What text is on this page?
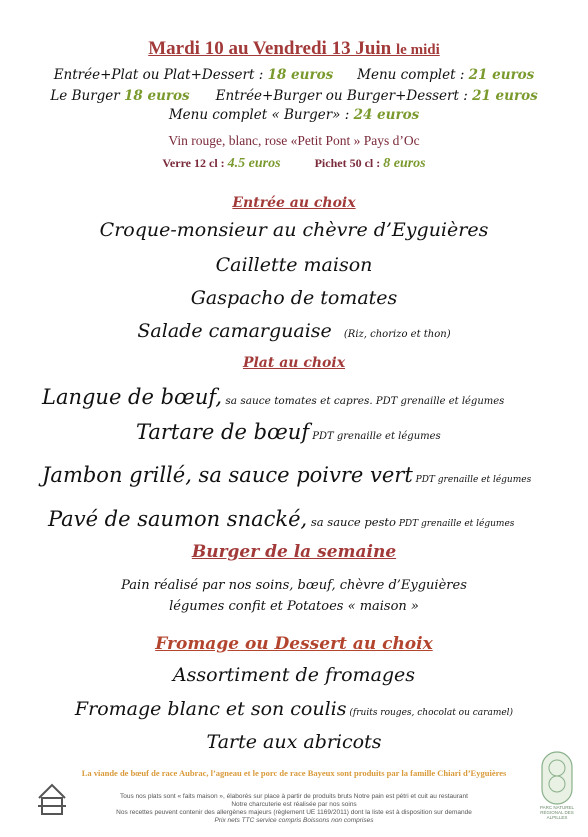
Mardi 10 au Vendredi 13 Juin le midi
Entrée+Plat ou Plat+Dessert : 18 euros Menu complet : 21 euros
Le Burger 18 euros Entrée+Burger ou Burger+Dessert : 21 euros
Menu complet « Burger» : 24 euros
Vin rouge, blanc, rose «Petit Pont » Pays d’Oc
Verre 12 cl : 4.5 euros	Pichet 50 cl : 8 euros
Entrée au choix
Croque-monsieur au chèvre d’Eyguières
Caillette maison
Gaspacho de tomates
Salade camarguaise (Riz, chorizo et thon)
Plat au choix
Langue de bœuf, sa sauce tomates et capres. PDT grenaille et légumes
Tartare de bœuf PDT grenaille et légumes
Jambon grillé, sa sauce poivre vert PDT grenaille et légumes
Pavé de saumon snacké, sa sauce pesto PDT grenaille et légumes
Burger de la semaine
Pain réalisé par nos soins, bœuf, chèvre d’Eyguières
légumes confit et Potatoes « maison »
Fromage ou Dessert au choix
Assortiment de fromages
Fromage blanc et son coulis (fruits rouges, chocolat ou caramel)
Tarte aux abricots
La viande de bœuf de race Aubrac, l’agneau et le porc de race Bayeux sont produits par la famille Chiari d’Eyguières
Tous nos plats sont « faits maison », élaborés sur place à partir de produits bruts Notre pain est pétri et cuit au restaurant
Notre charcuterie est réalisée par nos soins
Nos recettes peuvent contenir des allergènes majeurs (règlement UE 1169/2011) dont la liste est à disposition sur demande
Prix nets TTC service compris Boissons non comprises
PARC NATUREL RÉGIONAL DES ALPILLES
